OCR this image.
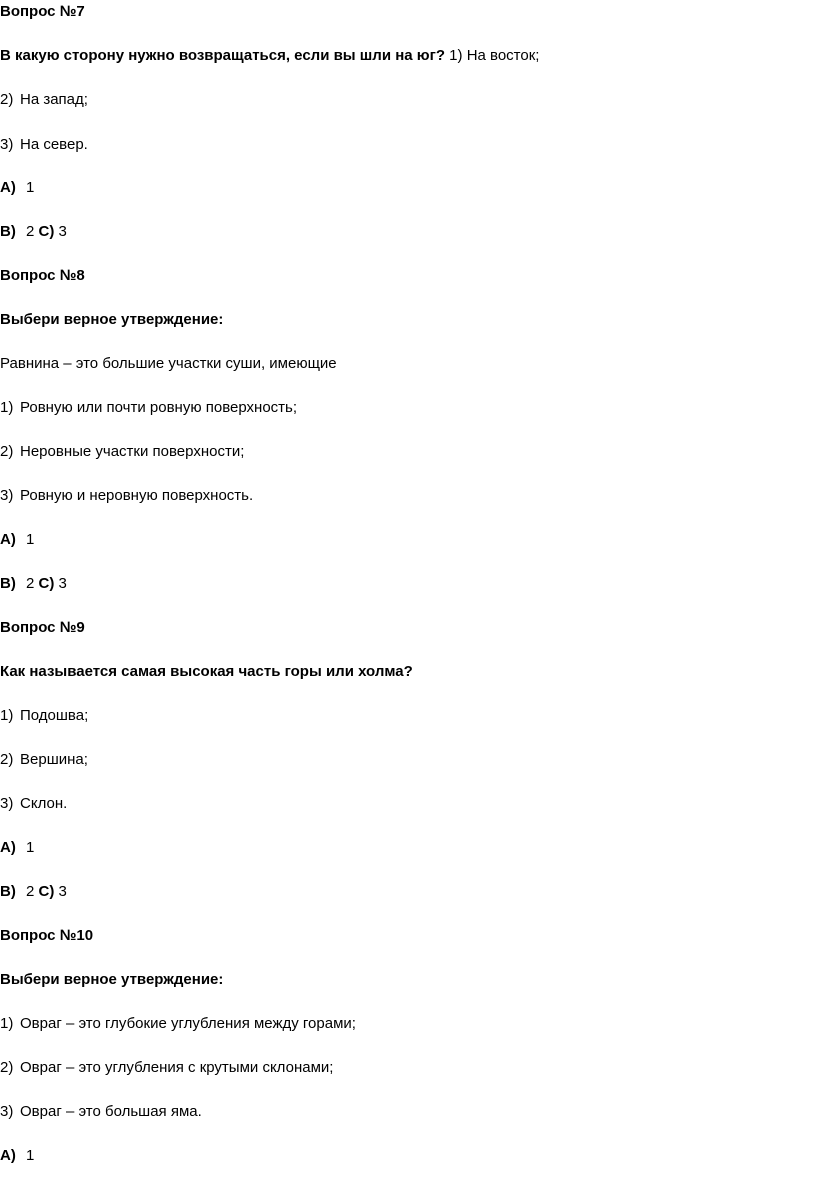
Вопрос №7
В какую сторону нужно возвращаться, если вы шли на юг? 1) На восток;
2) На запад;
3) На север.
A) 1
B) 2 C) 3
Вопрос №8
Выбери верное утверждение:
Равнина – это большие участки суши, имеющие
1) Ровную или почти ровную поверхность;
2) Неровные участки поверхности;
3) Ровную и неровную поверхность.
A) 1
B) 2 C) 3
Вопрос №9
Как называется самая высокая часть горы или холма?
1) Подошва;
2) Вершина;
3) Склон.
A) 1
B) 2 C) 3
Вопрос №10
Выбери верное утверждение:
1) Овраг – это глубокие углубления между горами;
2) Овраг – это углубления с крутыми склонами;
3) Овраг – это большая яма.
A) 1
